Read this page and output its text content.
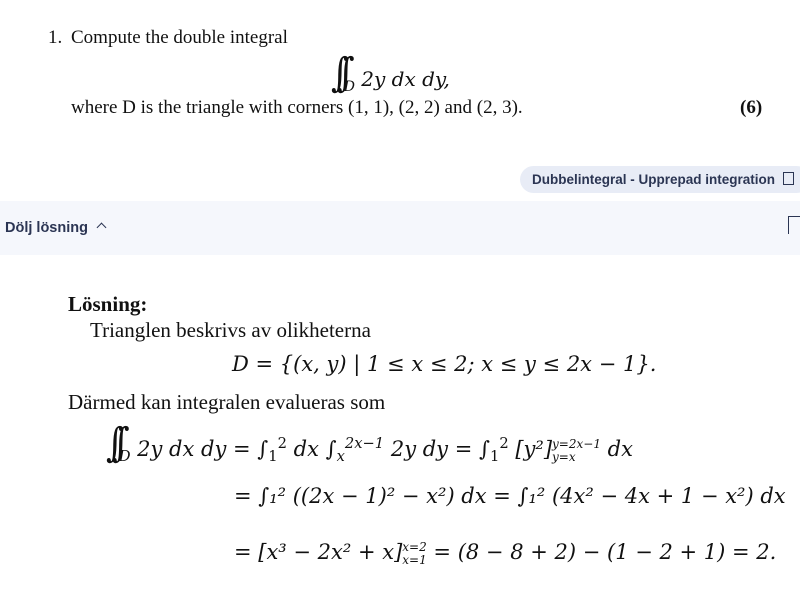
1. Compute the double integral
$\int\int_D$ 2y dx dy,
where D is the triangle with corners (1, 1), (2, 2) and (2, 3).	(6)
Dubbelintegral - Upprepad integration
Dölj lösning
Lösning:
Trianglen beskrivs av olikheterna
D = {(x, y) | 1 ≤ x ≤ 2; x ≤ y ≤ 2x − 1}.
Därmed kan integralen evalueras som
$\int\int_D$ 2y dx dy = $\int_1^2$ dx $\int_x^{2x-1}$ 2y dy = $\int_1^2$ [y²]y=2x−1
y=x dx
= ∫₁² ((2x − 1)² − x²) dx = ∫₁² (4x² − 4x + 1 − x²) dx
= [x³ − 2x² + x]x=2
x=1 = (8 − 8 + 2) − (1 − 2 + 1) = 2.
